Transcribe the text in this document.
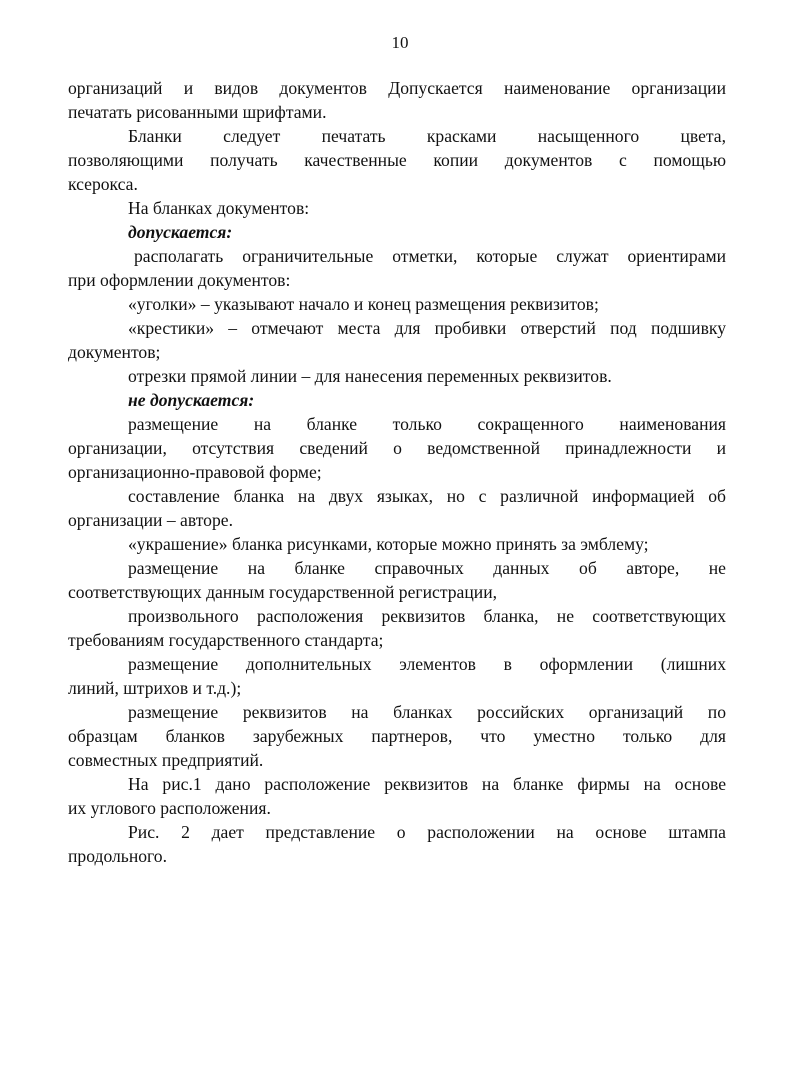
10
организаций и видов документов Допускается наименование организации
печатать рисованными шрифтами.
Бланки следует печатать красками насыщенного цвета,
позволяющими получать качественные копии документов с помощью
ксерокса.
На бланках документов:
допускается:
располагать ограничительные отметки, которые служат ориентирами
при оформлении документов:
«уголки» – указывают начало и конец размещения реквизитов;
«крестики» – отмечают места для пробивки отверстий под подшивку
документов;
отрезки прямой линии – для нанесения переменных реквизитов.
не допускается:
размещение на бланке только сокращенного наименования
организации, отсутствия сведений о ведомственной принадлежности и
организационно-правовой форме;
составление бланка на двух языках, но с различной информацией об
организации – авторе.
«украшение» бланка рисунками, которые можно принять за эмблему;
размещение на бланке справочных данных об авторе, не
соответствующих данным государственной регистрации,
произвольного расположения реквизитов бланка, не соответствующих
требованиям государственного стандарта;
размещение дополнительных элементов в оформлении (лишних
линий, штрихов и т.д.);
размещение реквизитов на бланках российских организаций по
образцам бланков зарубежных партнеров, что уместно только для
совместных предприятий.
На рис.1 дано расположение реквизитов на бланке фирмы на основе
их углового расположения.
Рис. 2 дает представление о расположении на основе штампа
продольного.
